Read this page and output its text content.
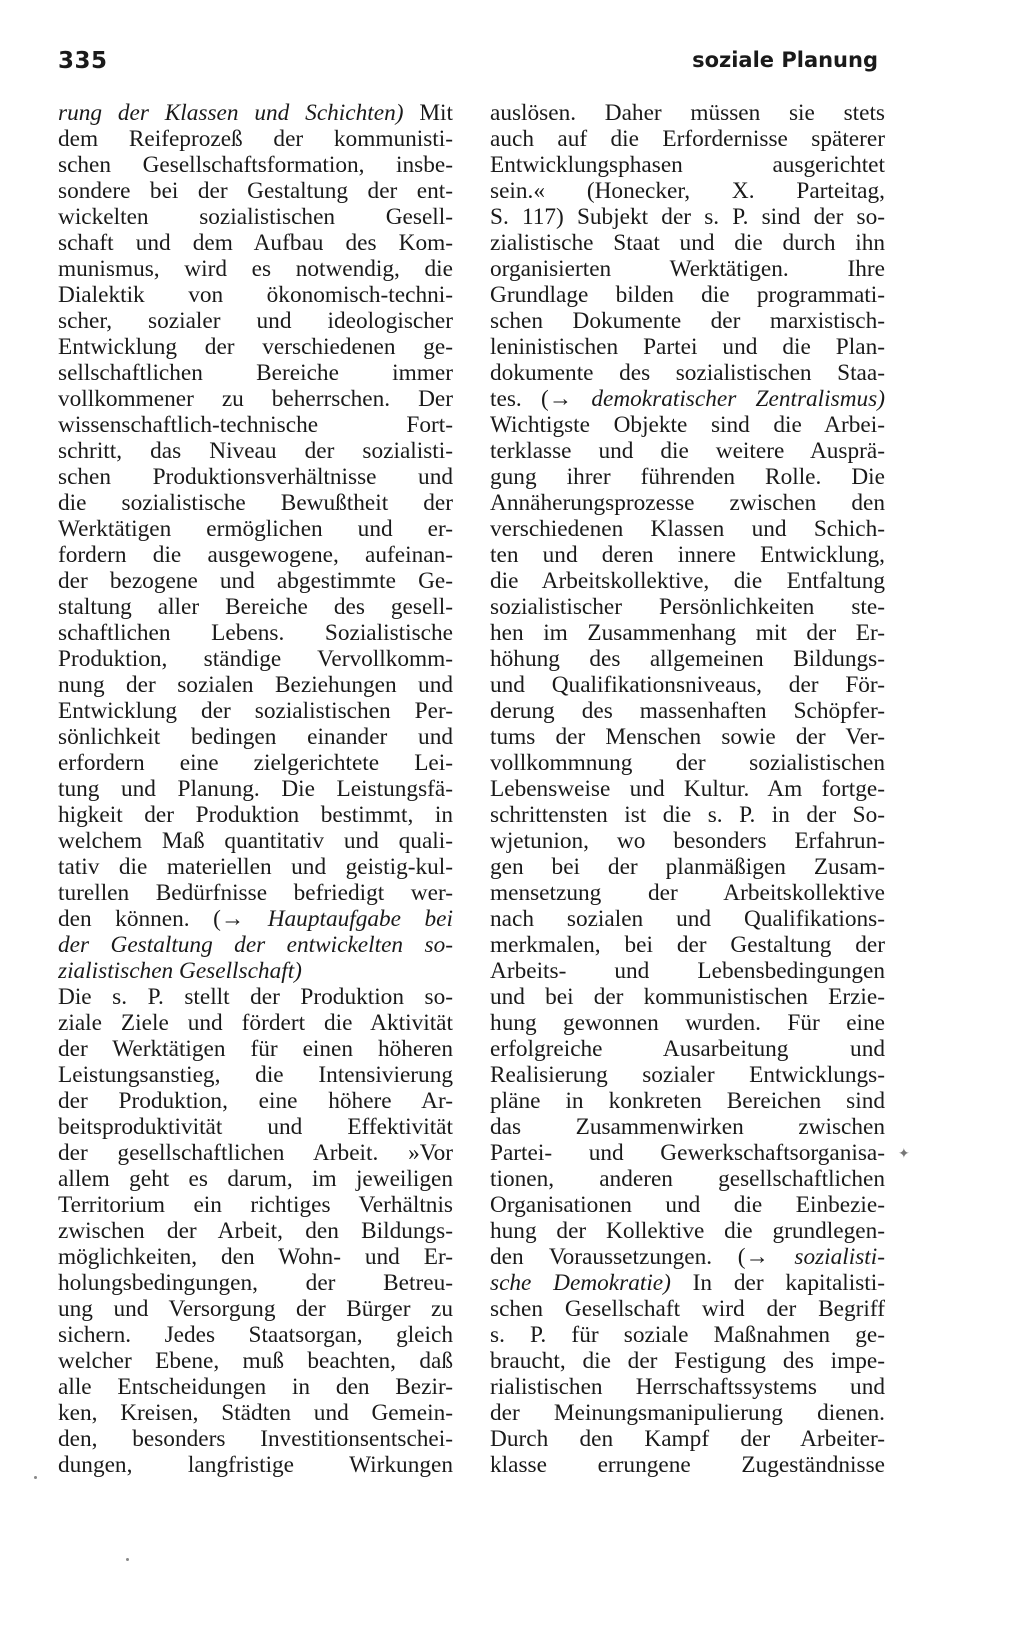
335	soziale Planung
rung der Klassen und Schichten) Mit
dem Reifeprozeß der kommunisti-
schen Gesellschaftsformation, insbe-
sondere bei der Gestaltung der ent-
wickelten sozialistischen Gesell-
schaft und dem Aufbau des Kom-
munismus, wird es notwendig, die
Dialektik von ökonomisch-techni-
scher, sozialer und ideologischer
Entwicklung der verschiedenen ge-
sellschaftlichen Bereiche immer
vollkommener zu beherrschen. Der
wissenschaftlich-technische Fort-
schritt, das Niveau der sozialisti-
schen Produktionsverhältnisse und
die sozialistische Bewußtheit der
Werktätigen ermöglichen und er-
fordern die ausgewogene, aufeinan-
der bezogene und abgestimmte Ge-
staltung aller Bereiche des gesell-
schaftlichen Lebens. Sozialistische
Produktion, ständige Vervollkomm-
nung der sozialen Beziehungen und
Entwicklung der sozialistischen Per-
sönlichkeit bedingen einander und
erfordern eine zielgerichtete Lei-
tung und Planung. Die Leistungsfä-
higkeit der Produktion bestimmt, in
welchem Maß quantitativ und quali-
tativ die materiellen und geistig-kul-
turellen Bedürfnisse befriedigt wer-
den können. (→ Hauptaufgabe bei
der Gestaltung der entwickelten so-
zialistischen Gesellschaft)
Die s. P. stellt der Produktion so-
ziale Ziele und fördert die Aktivität
der Werktätigen für einen höheren
Leistungsanstieg, die Intensivierung
der Produktion, eine höhere Ar-
beitsproduktivität und Effektivität
der gesellschaftlichen Arbeit. »Vor
allem geht es darum, im jeweiligen
Territorium ein richtiges Verhältnis
zwischen der Arbeit, den Bildungs-
möglichkeiten, den Wohn- und Er-
holungsbedingungen, der Betreu-
ung und Versorgung der Bürger zu
sichern. Jedes Staatsorgan, gleich
welcher Ebene, muß beachten, daß
alle Entscheidungen in den Bezir-
ken, Kreisen, Städten und Gemein-
den, besonders Investitionsentschei-
dungen, langfristige Wirkungen
auslösen. Daher müssen sie stets
auch auf die Erfordernisse späterer
Entwicklungsphasen ausgerichtet
sein.« (Honecker, X. Parteitag,
S. 117) Subjekt der s. P. sind der so-
zialistische Staat und die durch ihn
organisierten Werktätigen. Ihre
Grundlage bilden die programmati-
schen Dokumente der marxistisch-
leninistischen Partei und die Plan-
dokumente des sozialistischen Staa-
tes. (→ demokratischer Zentralismus)
Wichtigste Objekte sind die Arbei-
terklasse und die weitere Ausprä-
gung ihrer führenden Rolle. Die
Annäherungsprozesse zwischen den
verschiedenen Klassen und Schich-
ten und deren innere Entwicklung,
die Arbeitskollektive, die Entfaltung
sozialistischer Persönlichkeiten ste-
hen im Zusammenhang mit der Er-
höhung des allgemeinen Bildungs-
und Qualifikationsniveaus, der För-
derung des massenhaften Schöpfer-
tums der Menschen sowie der Ver-
vollkommnung der sozialistischen
Lebensweise und Kultur. Am fortge-
schrittensten ist die s. P. in der So-
wjetunion, wo besonders Erfahrun-
gen bei der planmäßigen Zusam-
mensetzung der Arbeitskollektive
nach sozialen und Qualifikations-
merkmalen, bei der Gestaltung der
Arbeits- und Lebensbedingungen
und bei der kommunistischen Erzie-
hung gewonnen wurden. Für eine
erfolgreiche Ausarbeitung und
Realisierung sozialer Entwicklungs-
pläne in konkreten Bereichen sind
das Zusammenwirken zwischen
Partei- und Gewerkschaftsorganisa-
tionen, anderen gesellschaftlichen
Organisationen und die Einbezie-
hung der Kollektive die grundlegen-
den Voraussetzungen. (→ sozialisti-
sche Demokratie) In der kapitalisti-
schen Gesellschaft wird der Begriff
s. P. für soziale Maßnahmen ge-
braucht, die der Festigung des impe-
rialistischen Herrschaftssystems und
der Meinungsmanipulierung dienen.
Durch den Kampf der Arbeiter-
klasse errungene Zugeständnisse
✦
